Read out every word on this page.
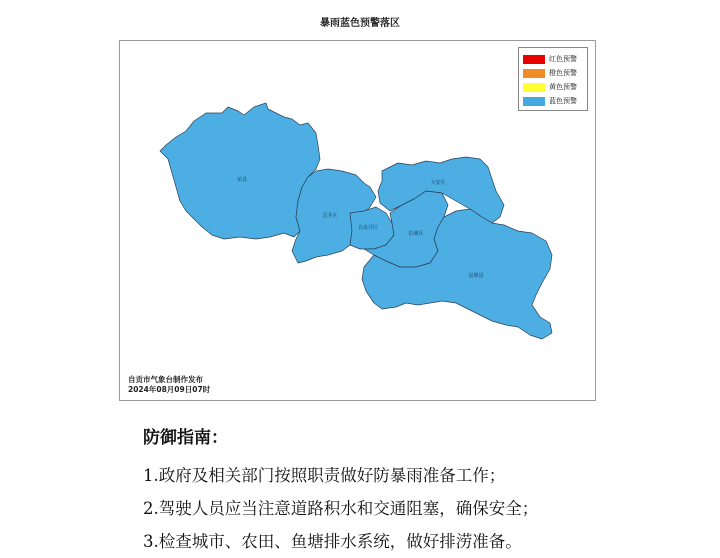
暴雨蓝色预警落区
荣县
贡井区
自流井区
大安区
沿滩区
富顺县
红色预警
橙色预警
黄色预警
蓝色预警
自贡市气象台制作发布
2024年08月09日07时
防御指南：
1.政府及相关部门按照职责做好防暴雨准备工作；
2.驾驶人员应当注意道路积水和交通阻塞，确保安全；
3.检查城市、农田、鱼塘排水系统，做好排涝准备。
